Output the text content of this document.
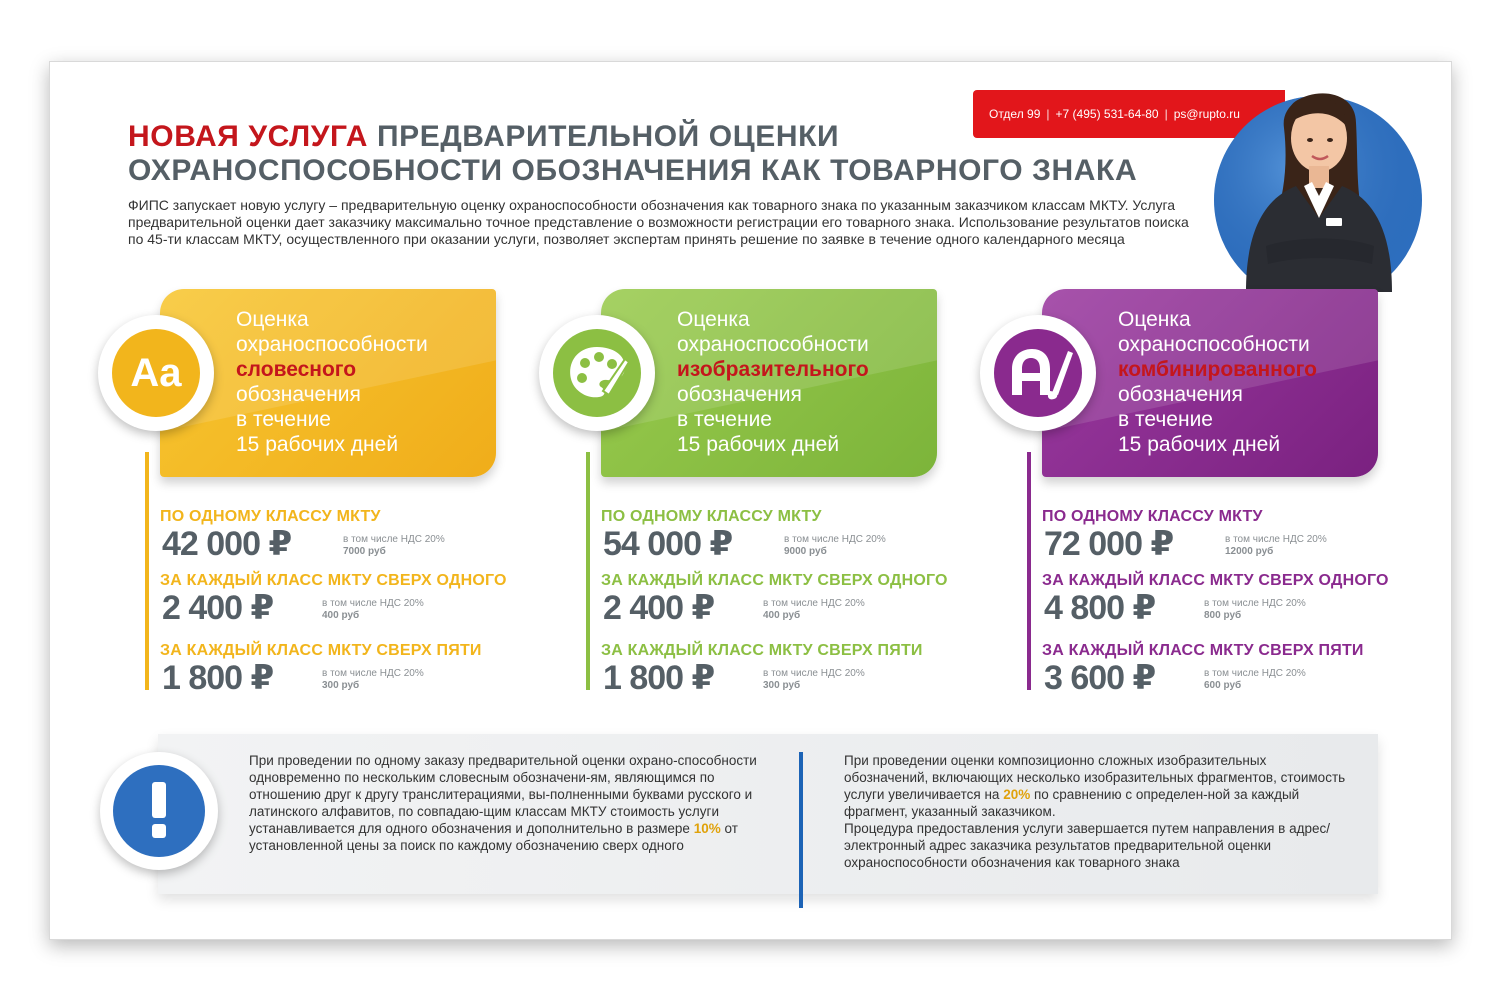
НОВАЯ УСЛУГА ПРЕДВАРИТЕЛЬНОЙ ОЦЕНКИ
ОХРАНОСПОСОБНОСТИ ОБОЗНАЧЕНИЯ КАК ТОВАРНОГО ЗНАКА

ФИПС запускает новую услугу – предварительную оценку охраноспособности обозначения как товарного знака по указанным заказчиком классам МКТУ. Услуга предварительной оценки дает заказчику максимально точное представление о возможности регистрации его товарного знака. Использование результатов поиска по 45-ти классам МКТУ, осуществленного при оказании услуги, позволяет экспертам принять решение по заявке в течение одного календарного месяца

Отдел 99 | +7 (495) 531-64-80 | ps@rupto.ru
Оценка
охраноспособности
словесного
обозначения
в течение
15 рабочих дней
Aa
ПО ОДНОМУ КЛАССУ МКТУ
42 000 ₽	в том числе НДС 20%
7000 руб
ЗА КАЖДЫЙ КЛАСС МКТУ СВЕРХ ОДНОГО
2 400 ₽	в том числе НДС 20%
400 руб
ЗА КАЖДЫЙ КЛАСС МКТУ СВЕРХ ПЯТИ
1 800 ₽	в том числе НДС 20%
300 руб
Оценка
охраноспособности
изобразительного
обозначения
в течение
15 рабочих дней
ПО ОДНОМУ КЛАССУ МКТУ
54 000 ₽	в том числе НДС 20%
9000 руб
ЗА КАЖДЫЙ КЛАСС МКТУ СВЕРХ ОДНОГО
2 400 ₽	в том числе НДС 20%
400 руб
ЗА КАЖДЫЙ КЛАСС МКТУ СВЕРХ ПЯТИ
1 800 ₽	в том числе НДС 20%
300 руб
Оценка
охраноспособности
комбинированного
обозначения
в течение
15 рабочих дней
ПО ОДНОМУ КЛАССУ МКТУ
72 000 ₽	в том числе НДС 20%
12000 руб
ЗА КАЖДЫЙ КЛАСС МКТУ СВЕРХ ОДНОГО
4 800 ₽	в том числе НДС 20%
800 руб
ЗА КАЖДЫЙ КЛАСС МКТУ СВЕРХ ПЯТИ
3 600 ₽	в том числе НДС 20%
600 руб

При проведении по одному заказу предварительной оценки охрано-способности одновременно по нескольким словесным обозначени-ям, являющимся по отношению друг к другу транслитерациями, вы-полненными буквами русского и латинского алфавитов, по совпадаю-щим классам МКТУ стоимость услуги устанавливается для одного обозначения и дополнительно в размере 10% от установленной цены за поиск по каждому обозначению сверх одного

При проведении оценки композиционно сложных изобразительных обозначений, включающих несколько изобразительных фрагментов, стоимость услуги увеличивается на 20% по сравнению с определен-ной за каждый фрагмент, указанный заказчиком.
Процедура предоставления услуги завершается путем направления в адрес/электронный адрес заказчика результатов предварительной оценки охраноспособности обозначения как товарного знака
